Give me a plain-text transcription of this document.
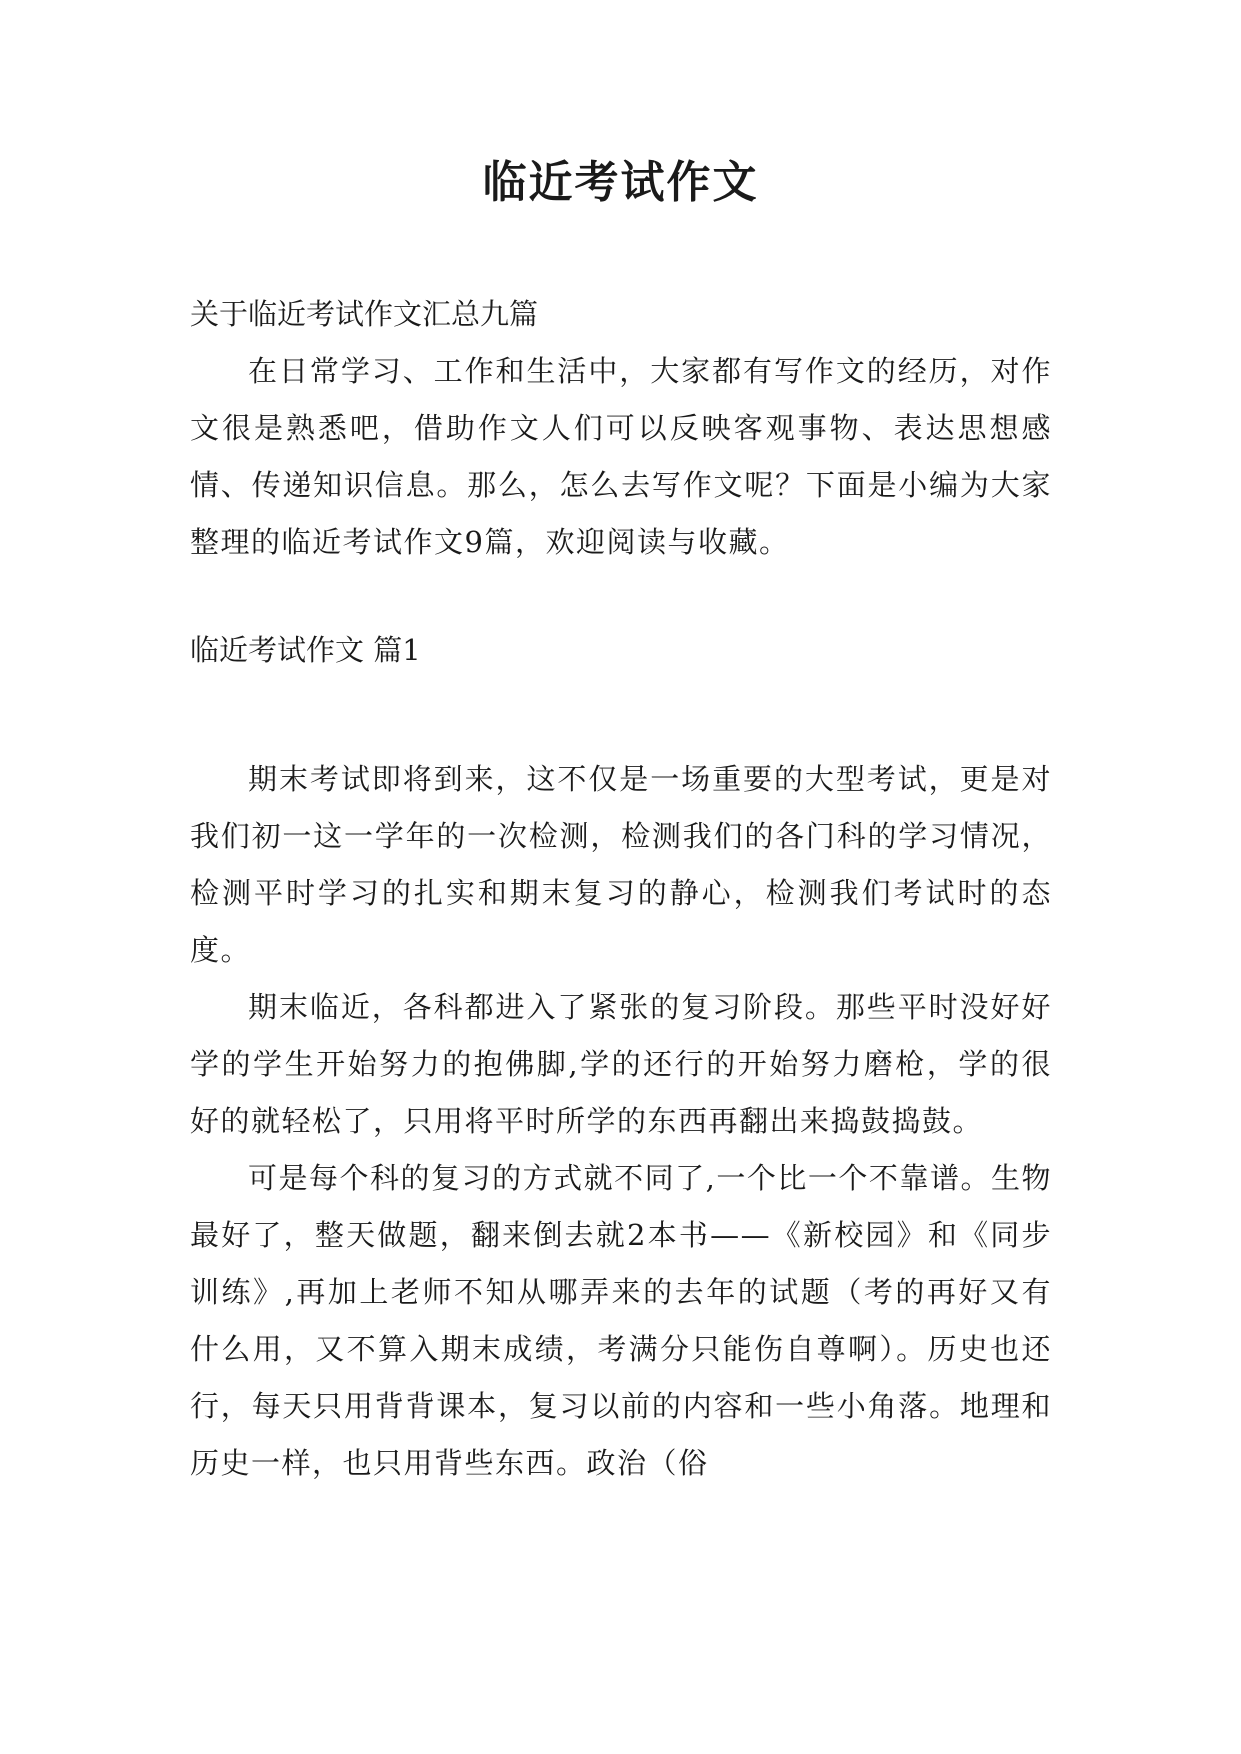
临近考试作文
关于临近考试作文汇总九篇

在日常学习、工作和生活中，大家都有写作文的经历，对作文很是熟悉吧，借助作文人们可以反映客观事物、表达思想感情、传递知识信息。那么，怎么去写作文呢？下面是小编为大家整理的临近考试作文9篇，欢迎阅读与收藏。

临近考试作文 篇1

期末考试即将到来，这不仅是一场重要的大型考试，更是对我们初一这一学年的一次检测，检测我们的各门科的学习情况，检测平时学习的扎实和期末复习的静心，检测我们考试时的态度。

期末临近，各科都进入了紧张的复习阶段。那些平时没好好学的学生开始努力的抱佛脚,学的还行的开始努力磨枪，学的很好的就轻松了，只用将平时所学的东西再翻出来捣鼓捣鼓。

可是每个科的复习的方式就不同了,一个比一个不靠谱。生物最好了，整天做题，翻来倒去就2本书——《新校园》和《同步训练》,再加上老师不知从哪弄来的去年的试题（考的再好又有什么用，又不算入期末成绩，考满分只能伤自尊啊）。历史也还行，每天只用背背课本，复习以前的内容和一些小角落。地理和历史一样，也只用背些东西。政治（俗
